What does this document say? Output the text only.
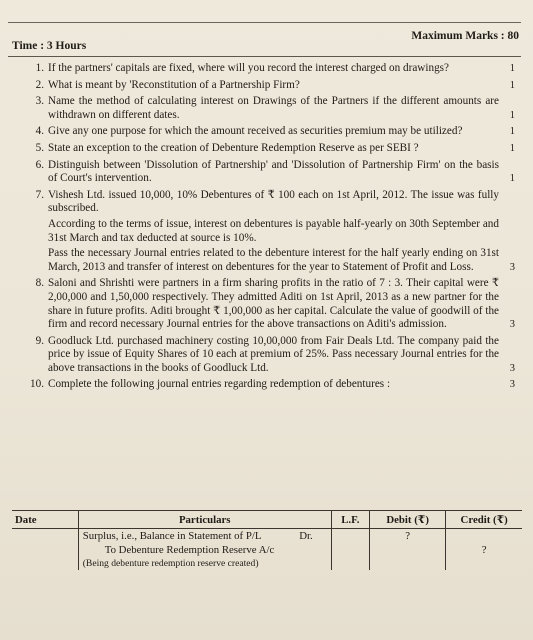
Time : 3 Hours
Maximum Marks : 80
1. If the partners' capitals are fixed, where will you record the interest charged on drawings?	1
2. What is meant by 'Reconstitution of a Partnership Firm?	1
3. Name the method of calculating interest on Drawings of the Partners if the different amounts are withdrawn on different dates.	1
4. Give any one purpose for which the amount received as securities premium may be utilized?	1
5. State an exception to the creation of Debenture Redemption Reserve as per SEBI ?	1
6. Distinguish between 'Dissolution of Partnership' and 'Dissolution of Partnership Firm' on the basis of Court's intervention.	1
7. Vishesh Ltd. issued 10,000, 10% Debentures of ₹ 100 each on 1st April, 2012. The issue was fully subscribed.

According to the terms of issue, interest on debentures is payable half-yearly on 30th September and 31st March and tax deducted at source is 10%.

Pass the necessary Journal entries related to the debenture interest for the half yearly ending on 31st March, 2013 and transfer of interest on debentures for the year to Statement of Profit and Loss.	3
8. Saloni and Shrishti were partners in a firm sharing profits in the ratio of 7 : 3. Their capital were ₹ 2,00,000 and 1,50,000 respectively. They admitted Aditi on 1st April, 2013 as a new partner for the share in future profits. Aditi brought ₹ 1,00,000 as her capital. Calculate the value of goodwill of the firm and record necessary Journal entries for the above transactions on Aditi's admission.	3
9. Goodluck Ltd. purchased machinery costing 10,00,000 from Fair Deals Ltd. The company paid the price by issue of Equity Shares of 10 each at premium of 25%. Pass necessary Journal entries for the above transactions in the books of Goodluck Ltd.	3
10. Complete the following journal entries regarding redemption of debentures :	3
Date	Particulars	L.F.	Debit (₹)	Credit (₹)
	Surplus, i.e., Balance in Statement of P/L Dr.		?	
	To Debenture Redemption Reserve A/c			?
	(Being debenture redemption reserve created)			
